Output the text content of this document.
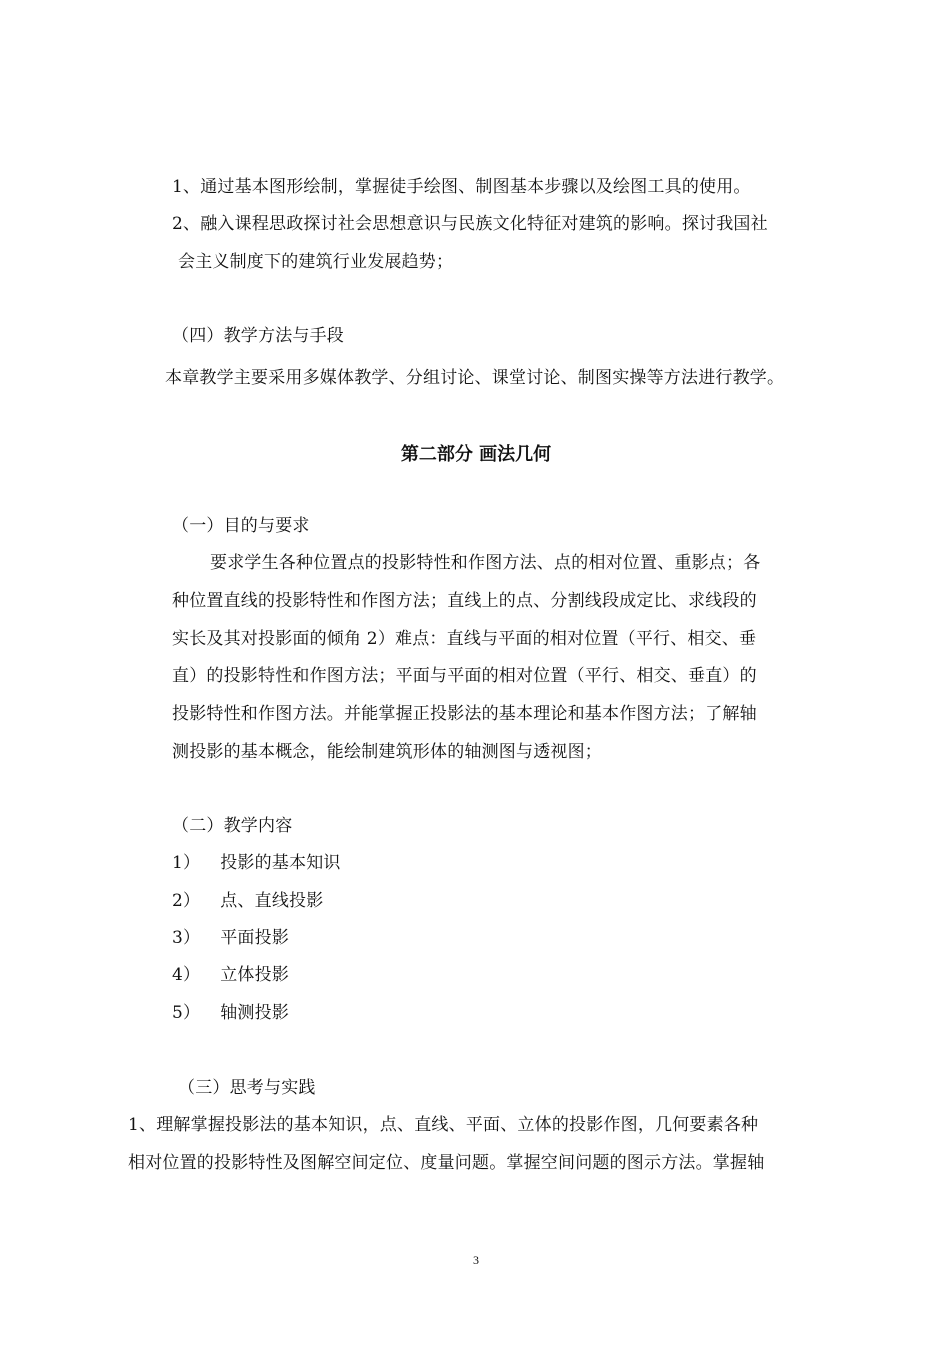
1、通过基本图形绘制，掌握徒手绘图、制图基本步骤以及绘图工具的使用。
2、融入课程思政探讨社会思想意识与民族文化特征对建筑的影响。探讨我国社
会主义制度下的建筑行业发展趋势；
（四）教学方法与手段
本章教学主要采用多媒体教学、分组讨论、课堂讨论、制图实操等方法进行教学。
第二部分 画法几何
（一）目的与要求
要求学生各种位置点的投影特性和作图方法、点的相对位置、重影点；各
种位置直线的投影特性和作图方法；直线上的点、分割线段成定比、求线段的
实长及其对投影面的倾角 2）难点：直线与平面的相对位置（平行、相交、垂
直）的投影特性和作图方法；平面与平面的相对位置（平行、相交、垂直）的
投影特性和作图方法。并能掌握正投影法的基本理论和基本作图方法；了解轴
测投影的基本概念，能绘制建筑形体的轴测图与透视图；
（二）教学内容
1） 投影的基本知识
2） 点、直线投影
3） 平面投影
4） 立体投影
5） 轴测投影
（三）思考与实践
1、理解掌握投影法的基本知识，点、直线、平面、立体的投影作图，几何要素各种
相对位置的投影特性及图解空间定位、度量问题。掌握空间问题的图示方法。掌握轴
3
